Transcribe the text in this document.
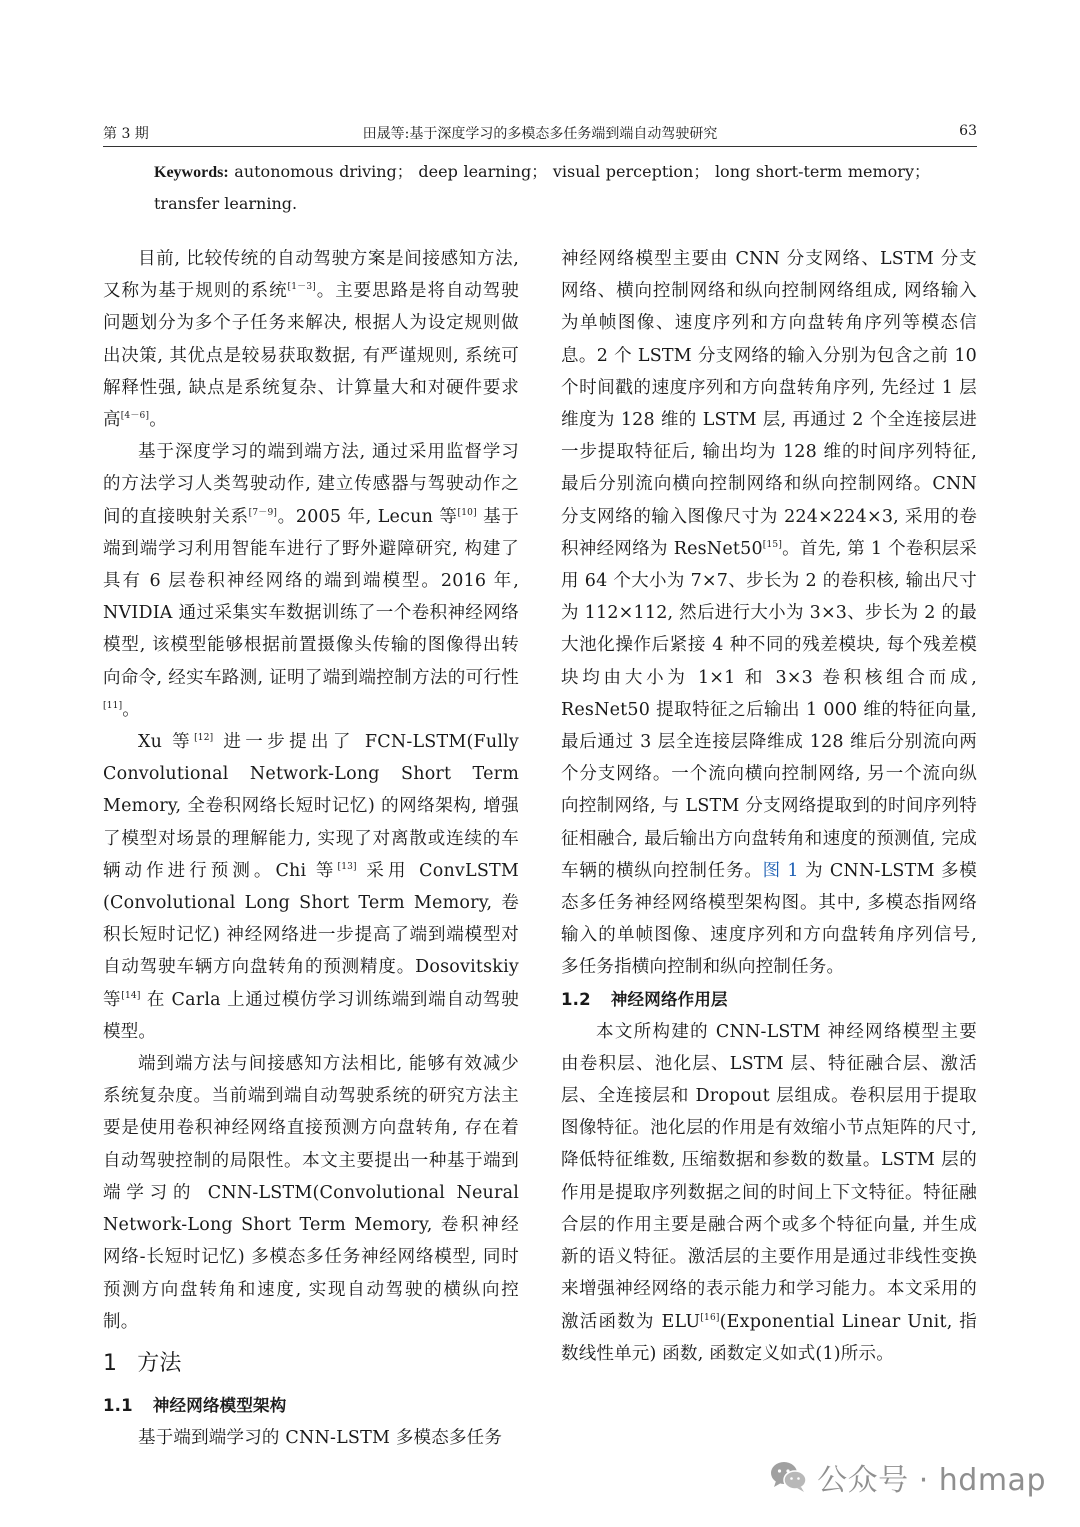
第 3 期	田晟等:基于深度学习的多模态多任务端到端自动驾驶研究	63
Keywords: autonomous driving； deep learning； visual perception； long short-term memory； transfer learning.

目前, 比较传统的自动驾驶方案是间接感知方法, 又称为基于规则的系统[1－3]。主要思路是将自动驾驶问题划分为多个子任务来解决, 根据人为设定规则做出决策, 其优点是较易获取数据, 有严谨规则, 系统可解释性强, 缺点是系统复杂、计算量大和对硬件要求高[4－6]。

基于深度学习的端到端方法, 通过采用监督学习的方法学习人类驾驶动作, 建立传感器与驾驶动作之间的直接映射关系[7－9]。2005 年, Lecun 等[10] 基于端到端学习利用智能车进行了野外避障研究, 构建了具有 6 层卷积神经网络的端到端模型。2016 年, NVIDIA 通过采集实车数据训练了一个卷积神经网络模型, 该模型能够根据前置摄像头传输的图像得出转向命令, 经实车路测, 证明了端到端控制方法的可行性[11]。

Xu 等[12] 进一步提出了 FCN-LSTM(Fully Convolutional Network-Long Short Term Memory, 全卷积网络长短时记忆) 的网络架构, 增强了模型对场景的理解能力, 实现了对离散或连续的车辆动作进行预测。Chi 等[13] 采用 ConvLSTM (Convolutional Long Short Term Memory, 卷积长短时记忆) 神经网络进一步提高了端到端模型对自动驾驶车辆方向盘转角的预测精度。Dosovitskiy 等[14] 在 Carla 上通过模仿学习训练端到端自动驾驶模型。

端到端方法与间接感知方法相比, 能够有效减少系统复杂度。当前端到端自动驾驶系统的研究方法主要是使用卷积神经网络直接预测方向盘转角, 存在着自动驾驶控制的局限性。本文主要提出一种基于端到端学习的 CNN-LSTM(Convolutional Neural Network-Long Short Term Memory, 卷积神经网络-长短时记忆) 多模态多任务神经网络模型, 同时预测方向盘转角和速度, 实现自动驾驶的横纵向控制。

1 方法
1.1 神经网络模型架构

基于端到端学习的 CNN-LSTM 多模态多任务

神经网络模型主要由 CNN 分支网络、LSTM 分支网络、横向控制网络和纵向控制网络组成, 网络输入为单帧图像、速度序列和方向盘转角序列等模态信息。2 个 LSTM 分支网络的输入分别为包含之前 10 个时间戳的速度序列和方向盘转角序列, 先经过 1 层维度为 128 维的 LSTM 层, 再通过 2 个全连接层进一步提取特征后, 输出均为 128 维的时间序列特征, 最后分别流向横向控制网络和纵向控制网络。CNN 分支网络的输入图像尺寸为 224×224×3, 采用的卷积神经网络为 ResNet50[15]。首先, 第 1 个卷积层采用 64 个大小为 7×7、步长为 2 的卷积核, 输出尺寸为 112×112, 然后进行大小为 3×3、步长为 2 的最大池化操作后紧接 4 种不同的残差模块, 每个残差模块均由大小为 1×1 和 3×3 卷积核组合而成, ResNet50 提取特征之后输出 1 000 维的特征向量, 最后通过 3 层全连接层降维成 128 维后分别流向两个分支网络。一个流向横向控制网络, 另一个流向纵向控制网络, 与 LSTM 分支网络提取到的时间序列特征相融合, 最后输出方向盘转角和速度的预测值, 完成车辆的横纵向控制任务。图 1 为 CNN-LSTM 多模态多任务神经网络模型架构图。其中, 多模态指网络输入的单帧图像、速度序列和方向盘转角序列信号, 多任务指横向控制和纵向控制任务。

1.2 神经网络作用层

本文所构建的 CNN-LSTM 神经网络模型主要由卷积层、池化层、LSTM 层、特征融合层、激活层、全连接层和 Dropout 层组成。卷积层用于提取图像特征。池化层的作用是有效缩小节点矩阵的尺寸, 降低特征维数, 压缩数据和参数的数量。LSTM 层的作用是提取序列数据之间的时间上下文特征。特征融合层的作用主要是融合两个或多个特征向量, 并生成新的语义特征。激活层的主要作用是通过非线性变换来增强神经网络的表示能力和学习能力。本文采用的激活函数为 ELU[16](Exponential Linear Unit, 指数线性单元) 函数, 函数定义如式(1)所示。

公众号 · hdmap
